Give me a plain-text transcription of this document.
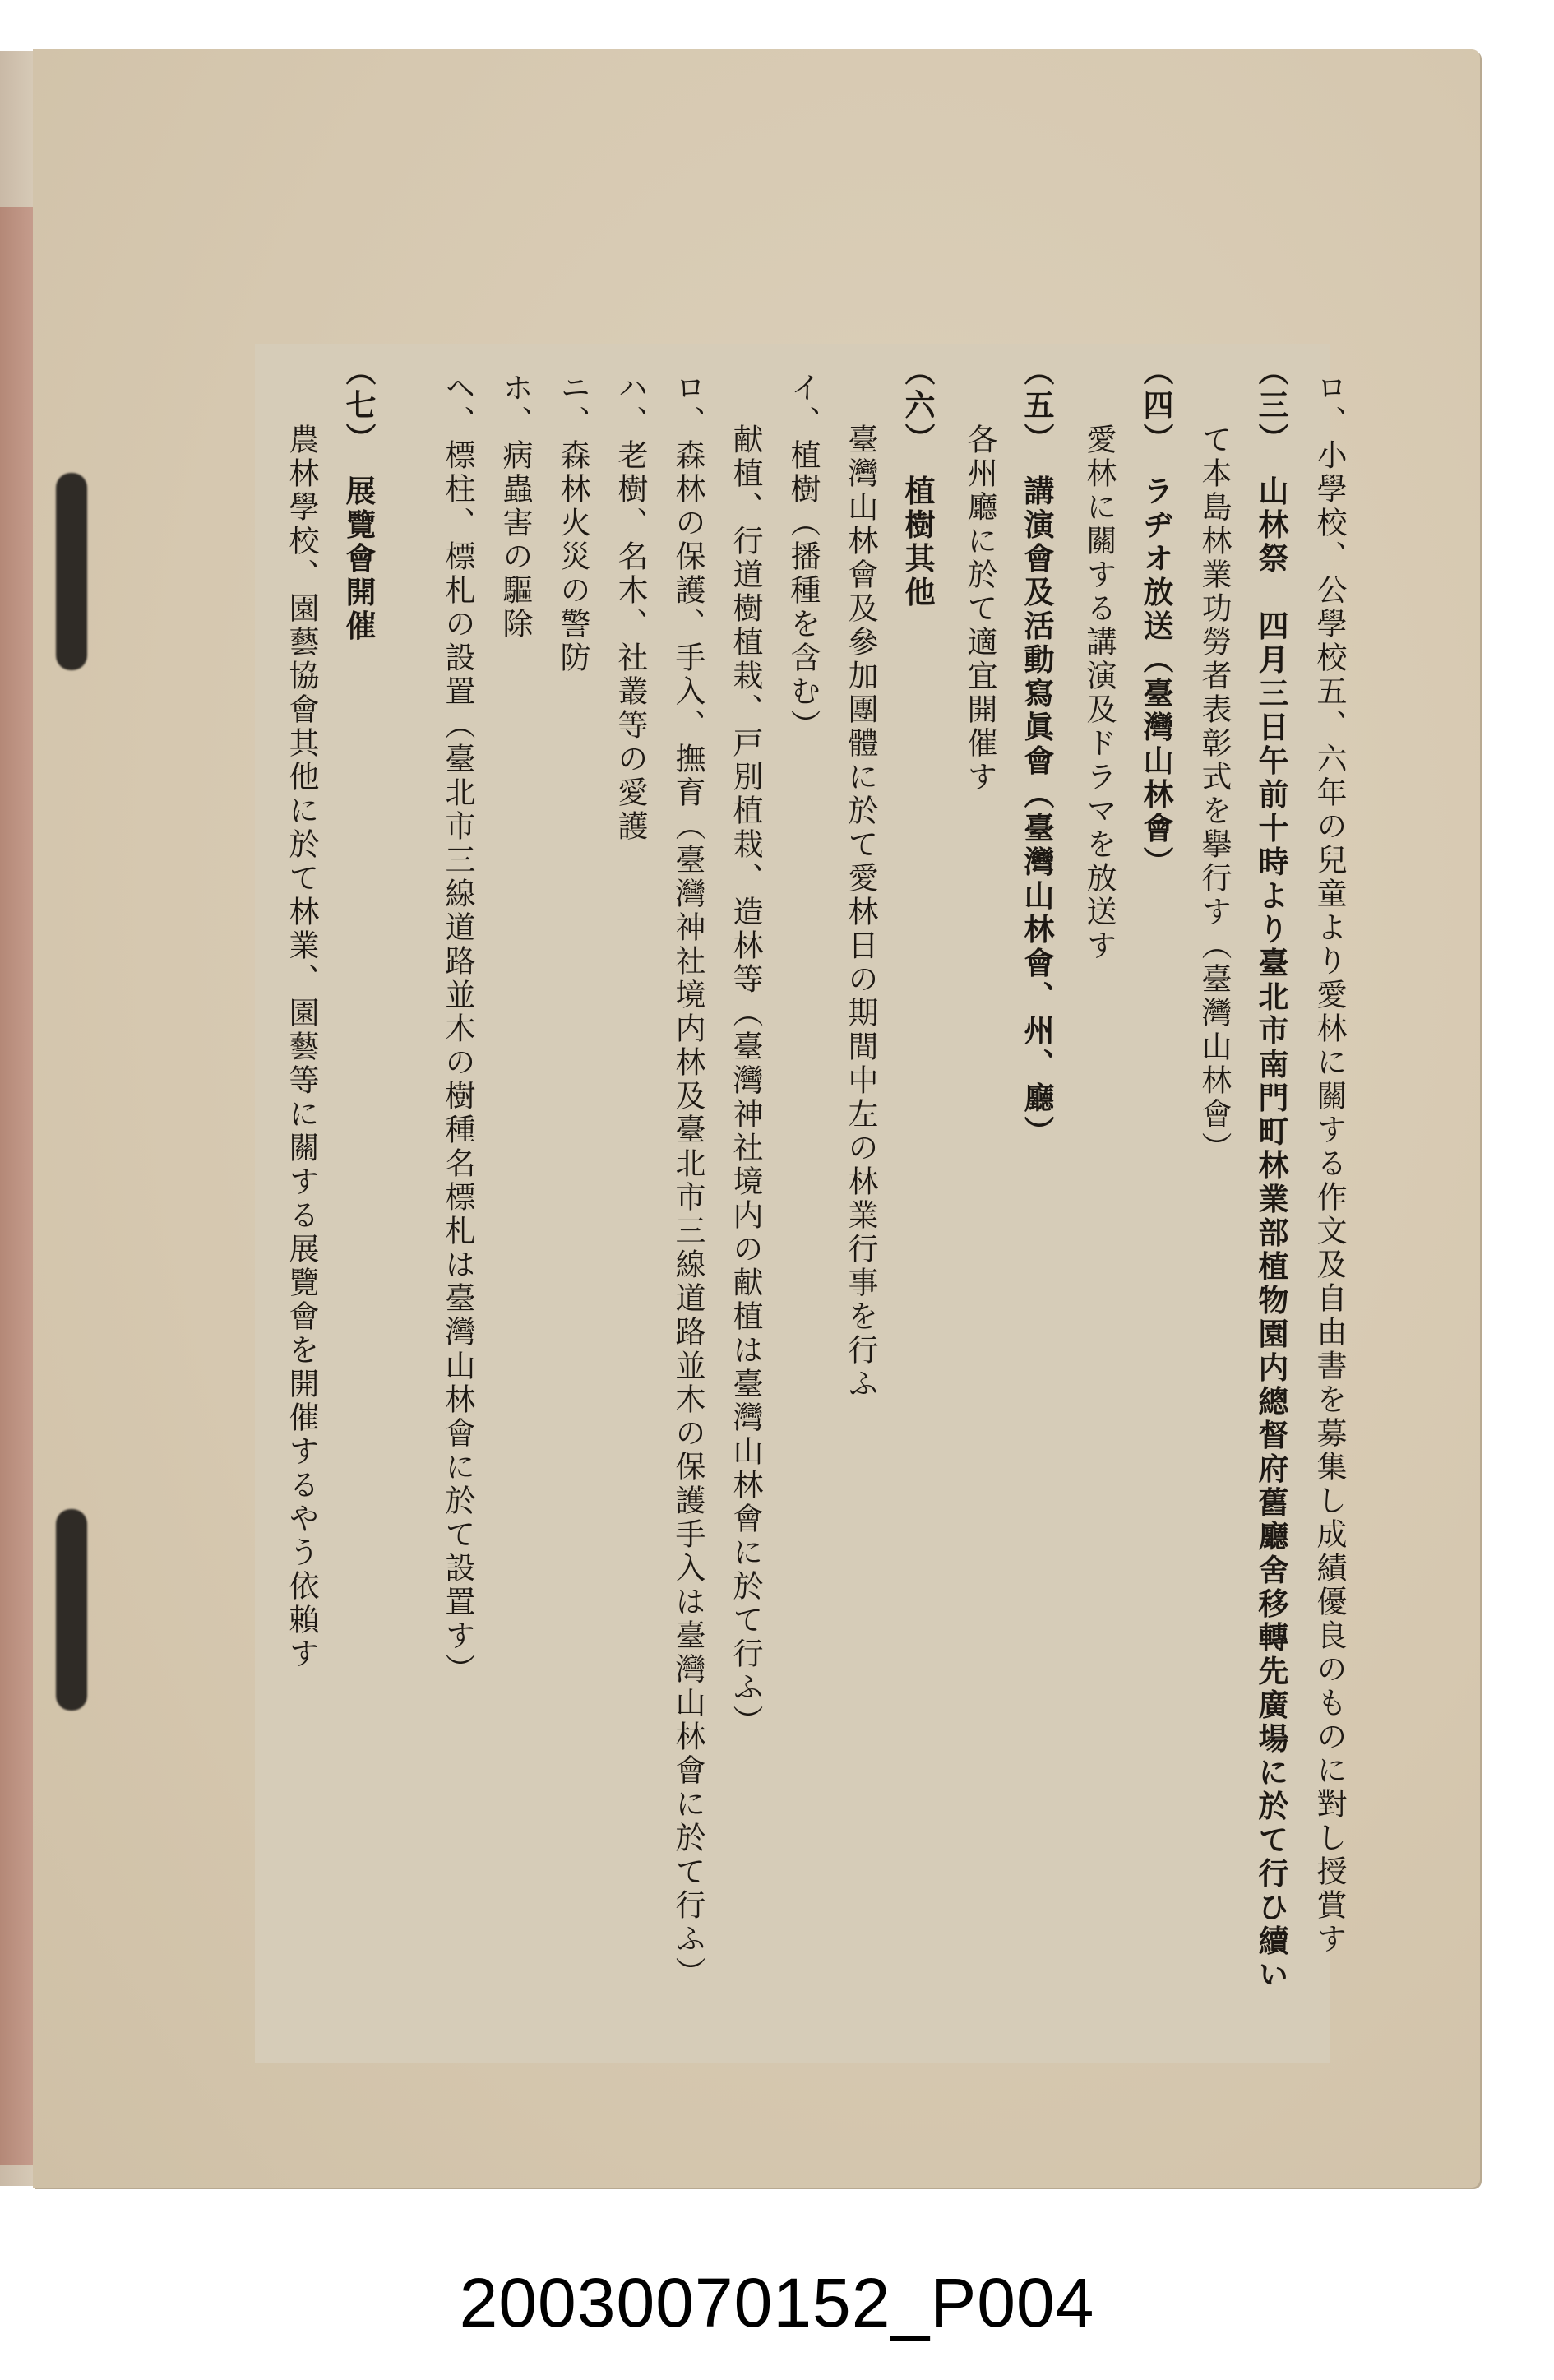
ロ、小學校、公學校五、六年の兒童より愛林に關する作文及自由書を募集し成績優良のものに對し授賞す
（三）　山林祭　四月三日午前十時より臺北市南門町林業部植物園内總督府舊廳舍移轉先廣場に於て行ひ續い
て本島林業功勞者表彰式を擧行す（臺灣山林會）
（四）　ラヂオ放送（臺灣山林會）
愛林に關する講演及ドラマを放送す
（五）　講演會及活動寫眞會（臺灣山林會、州、廳）
各州廳に於て適宜開催す
（六）　植樹其他
臺灣山林會及參加團體に於て愛林日の期間中左の林業行事を行ふ
イ、植樹（播種を含む）
献植、行道樹植栽、戸別植栽、造林等（臺灣神社境内の献植は臺灣山林會に於て行ふ）
ロ、森林の保護、手入、撫育（臺灣神社境内林及臺北市三線道路並木の保護手入は臺灣山林會に於て行ふ）
ハ、老樹、名木、社叢等の愛護
ニ、森林火災の警防
ホ、病蟲害の驅除
ヘ、標柱、標札の設置（臺北市三線道路並木の樹種名標札は臺灣山林會に於て設置す）
（七）　展覽會開催
農林學校、園藝協會其他に於て林業、園藝等に關する展覽會を開催するやう依賴す
20030070152_P004
